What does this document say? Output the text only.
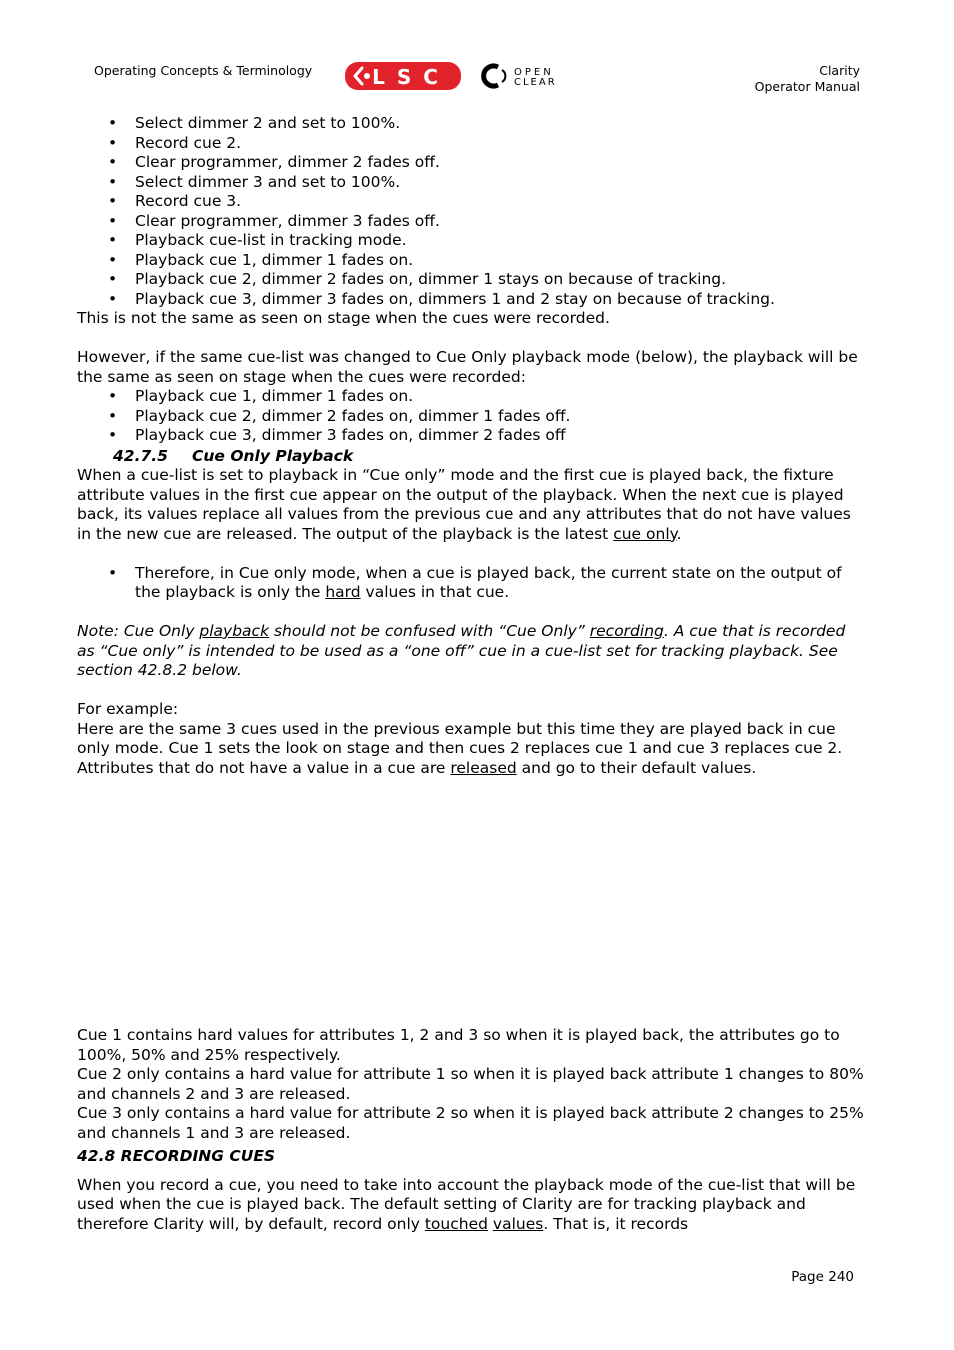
Operating Concepts & Terminology	LSC	OPEN
CLEAR
Clarity
Operator Manual
• Select dimmer 2 and set to 100%.
• Record cue 2.
• Clear programmer, dimmer 2 fades off.
• Select dimmer 3 and set to 100%.
• Record cue 3.
• Clear programmer, dimmer 3 fades off.
• Playback cue-list in tracking mode.
• Playback cue 1, dimmer 1 fades on.
• Playback cue 2, dimmer 2 fades on, dimmer 1 stays on because of tracking.
• Playback cue 3, dimmer 3 fades on, dimmers 1 and 2 stay on because of tracking.

This is not the same as seen on stage when the cues were recorded.

However, if the same cue-list was changed to Cue Only playback mode (below), the playback will be the same as seen on stage when the cues were recorded:

• Playback cue 1, dimmer 1 fades on.
• Playback cue 2, dimmer 2 fades on, dimmer 1 fades off.
• Playback cue 3, dimmer 3 fades on, dimmer 2 fades off
42.7.5 Cue Only Playback

When a cue-list is set to playback in “Cue only” mode and the first cue is played back, the fixture attribute values in the first cue appear on the output of the playback. When the next cue is played back, its values replace all values from the previous cue and any attributes that do not have values in the new cue are released. The output of the playback is the latest cue only.

• Therefore, in Cue only mode, when a cue is played back, the current state on the output of the playback is only the hard values in that cue.

Note: Cue Only playback should not be confused with “Cue Only” recording. A cue that is recorded as “Cue only” is intended to be used as a “one off” cue in a cue-list set for tracking playback. See section 42.8.2 below.

For example:

Here are the same 3 cues used in the previous example but this time they are played back in cue only mode. Cue 1 sets the look on stage and then cues 2 replaces cue 1 and cue 3 replaces cue 2. Attributes that do not have a value in a cue are released and go to their default values.

Cue 1 contains hard values for attributes 1, 2 and 3 so when it is played back, the attributes go to 100%, 50% and 25% respectively.

Cue 2 only contains a hard value for attribute 1 so when it is played back attribute 1 changes to 80% and channels 2 and 3 are released.

Cue 3 only contains a hard value for attribute 2 so when it is played back attribute 2 changes to 25% and channels 1 and 3 are released.

42.8 RECORDING CUES

When you record a cue, you need to take into account the playback mode of the cue-list that will be used when the cue is played back. The default setting of Clarity are for tracking playback and therefore Clarity will, by default, record only touched values. That is, it records

Page 240
